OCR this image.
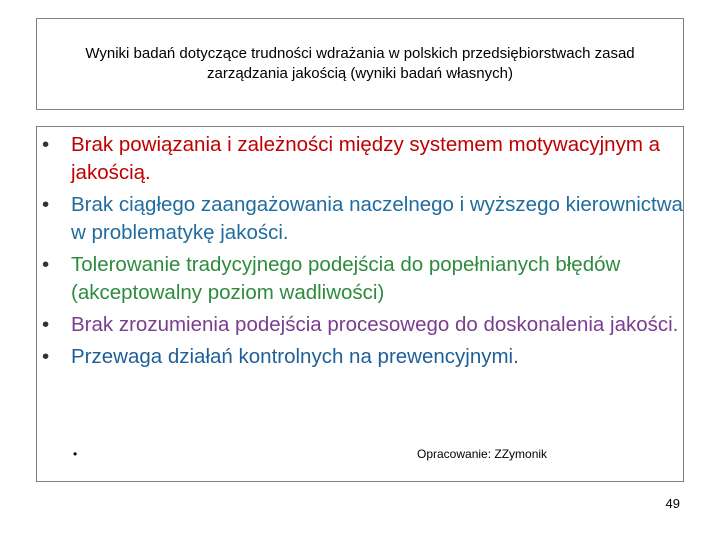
Wyniki badań dotyczące trudności wdrażania w polskich przedsiębiorstwach zasad zarządzania jakością (wyniki badań własnych)
• Brak powiązania i zależności między systemem motywacyjnym a jakością.
• Brak ciągłego zaangażowania naczelnego i wyższego kierownictwa w problematykę jakości.
• Tolerowanie tradycyjnego podejścia do popełnianych błędów (akceptowalny poziom wadliwości)
• Brak zrozumienia podejścia procesowego do doskonalenia jakości.
• Przewaga działań kontrolnych na prewencyjnymi.
•	Opracowanie: ZZymonik
49
